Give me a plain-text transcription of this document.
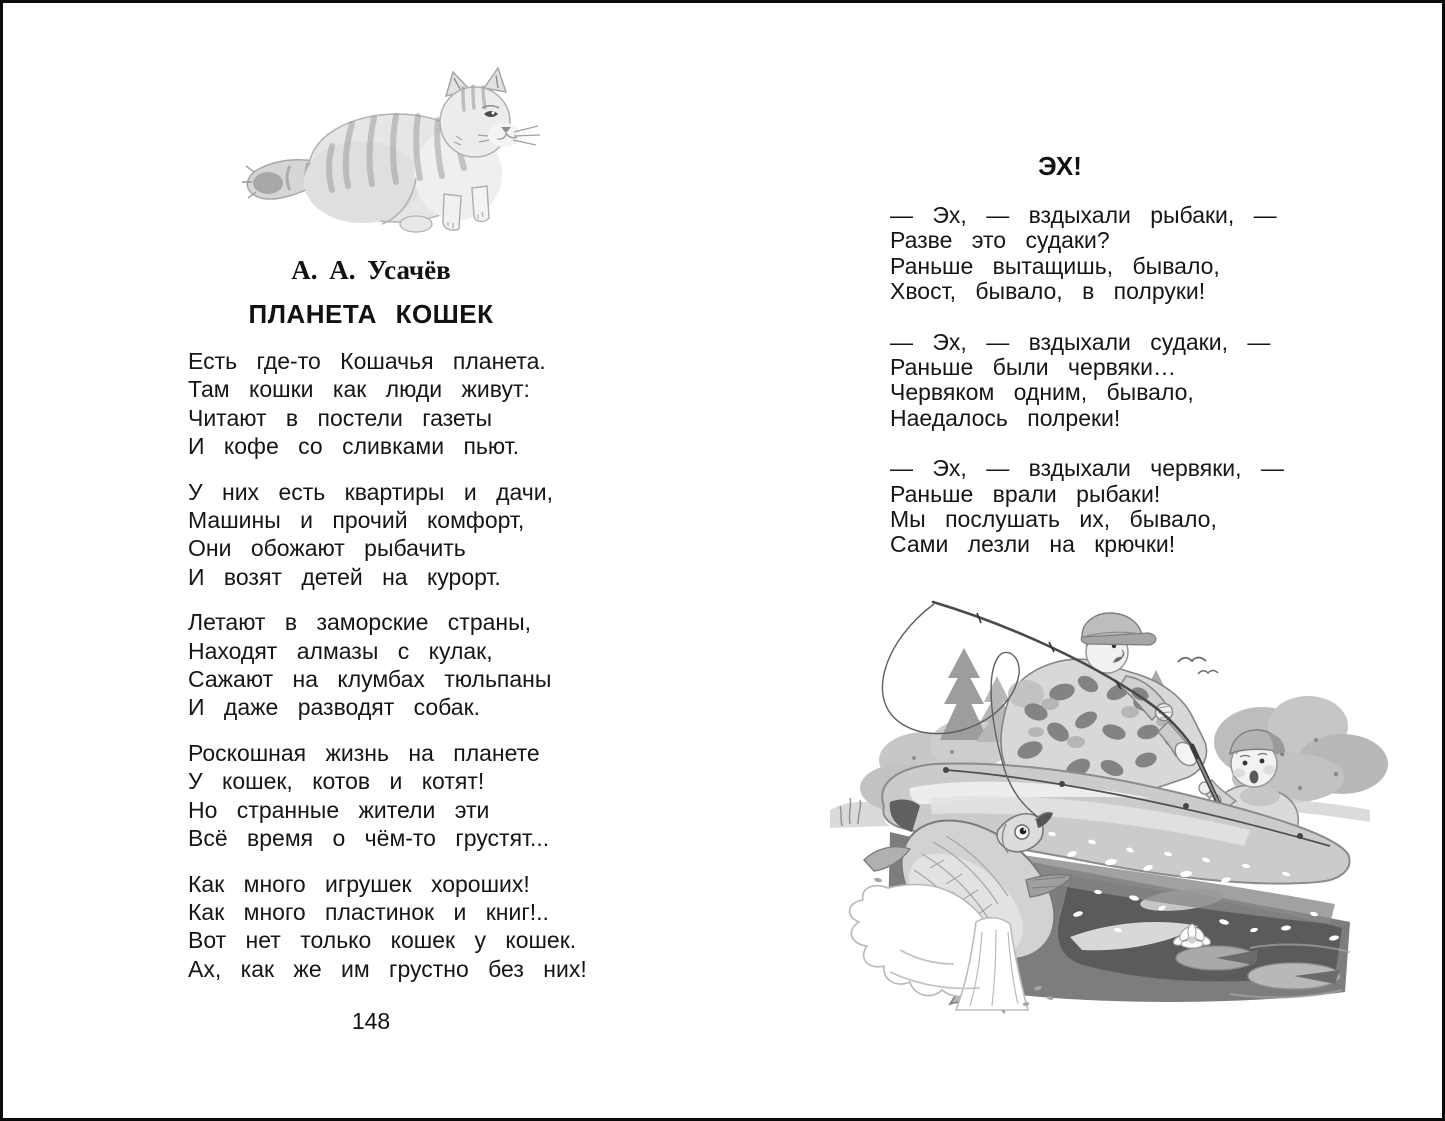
А. А. Усачёв
ПЛАНЕТА КОШЕК
Есть где-то Кошачья планета.
Там кошки как люди живут:
Читают в постели газеты
И кофе со сливками пьют.
У них есть квартиры и дачи,
Машины и прочий комфорт,
Они обожают рыбачить
И возят детей на курорт.
Летают в заморские страны,
Находят алмазы с кулак,
Сажают на клумбах тюльпаны
И даже разводят собак.
Роскошная жизнь на планете
У кошек, котов и котят!
Но странные жители эти
Всё время о чём-то грустят...
Как много игрушек хороших!
Как много пластинок и книг!..
Вот нет только кошек у кошек.
Ах, как же им грустно без них!
148
ЭХ!
— Эх, — вздыхали рыбаки, —
Разве это судаки?
Раньше вытащишь, бывало,
Хвост, бывало, в полруки!
— Эх, — вздыхали судаки, —
Раньше были червяки…
Червяком одним, бывало,
Наедалось полреки!
— Эх, — вздыхали червяки, —
Раньше врали рыбаки!
Мы послушать их, бывало,
Сами лезли на крючки!
